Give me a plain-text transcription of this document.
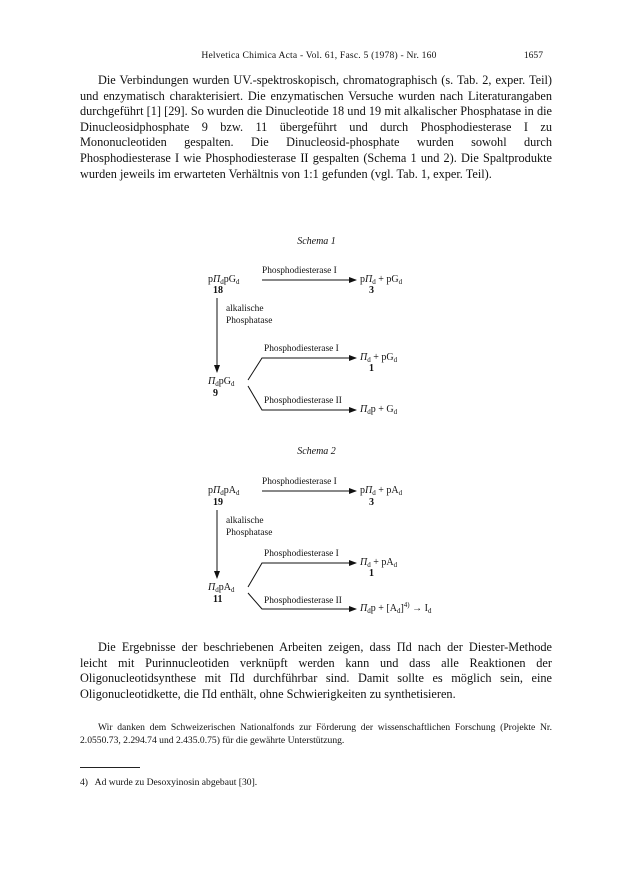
Helvetica Chimica Acta - Vol. 61, Fasc. 5 (1978) - Nr. 160	1657

Die Verbindungen wurden UV.-spektroskopisch, chromatographisch (s. Tab. 2, exper. Teil) und enzymatisch charakterisiert. Die enzymatischen Versuche wurden nach Literaturangaben durchgeführt [1] [29]. So wurden die Dinucleotide 18 und 19 mit alkalischer Phosphatase in die Dinucleosidphosphate 9 bzw. 11 übergeführt und durch Phosphodiesterase I zu Mononucleotiden gespalten. Die Dinucleosid-phosphate wurden sowohl durch Phosphodiesterase I wie Phosphodiesterase II gespalten (Schema 1 und 2). Die Spaltprodukte wurden jeweils im erwarteten Verhältnis von 1:1 gefunden (vgl. Tab. 1, exper. Teil).

Schema 1
$p\Pi_dpG_d$
18
Phosphodiesterase I
$p\Pi_d + pG_d$
3
alkalische
Phosphatase
Phosphodiesterase I
$\Pi_d + pG_d$
1
$\Pi_dpG_d$
9
Phosphodiesterase II
$\Pi_dp + G_d$
Schema 2
$p\Pi_dpA_d$
19
Phosphodiesterase I
$p\Pi_d + pA_d$
3
alkalische
Phosphatase
Phosphodiesterase I
$\Pi_d + pA_d$
1
$\Pi_dpA_d$
11	Phosphodiesterase II
$\Pi_dp + [A_d]^{4)} \to I_d$

Die Ergebnisse der beschriebenen Arbeiten zeigen, dass Πd nach der Diester-Methode leicht mit Purinnucleotiden verknüpft werden kann und dass alle Reaktionen der Oligonucleotidsynthese mit Πd durchführbar sind. Damit sollte es möglich sein, eine Oligonucleotidkette, die Πd enthält, ohne Schwierigkeiten zu synthetisieren.

Wir danken dem Schweizerischen Nationalfonds zur Förderung der wissenschaftlichen Forschung (Projekte Nr. 2.0550.73, 2.294.74 und 2.435.0.75) für die gewährte Unterstützung.

4) Ad wurde zu Desoxyinosin abgebaut [30].
